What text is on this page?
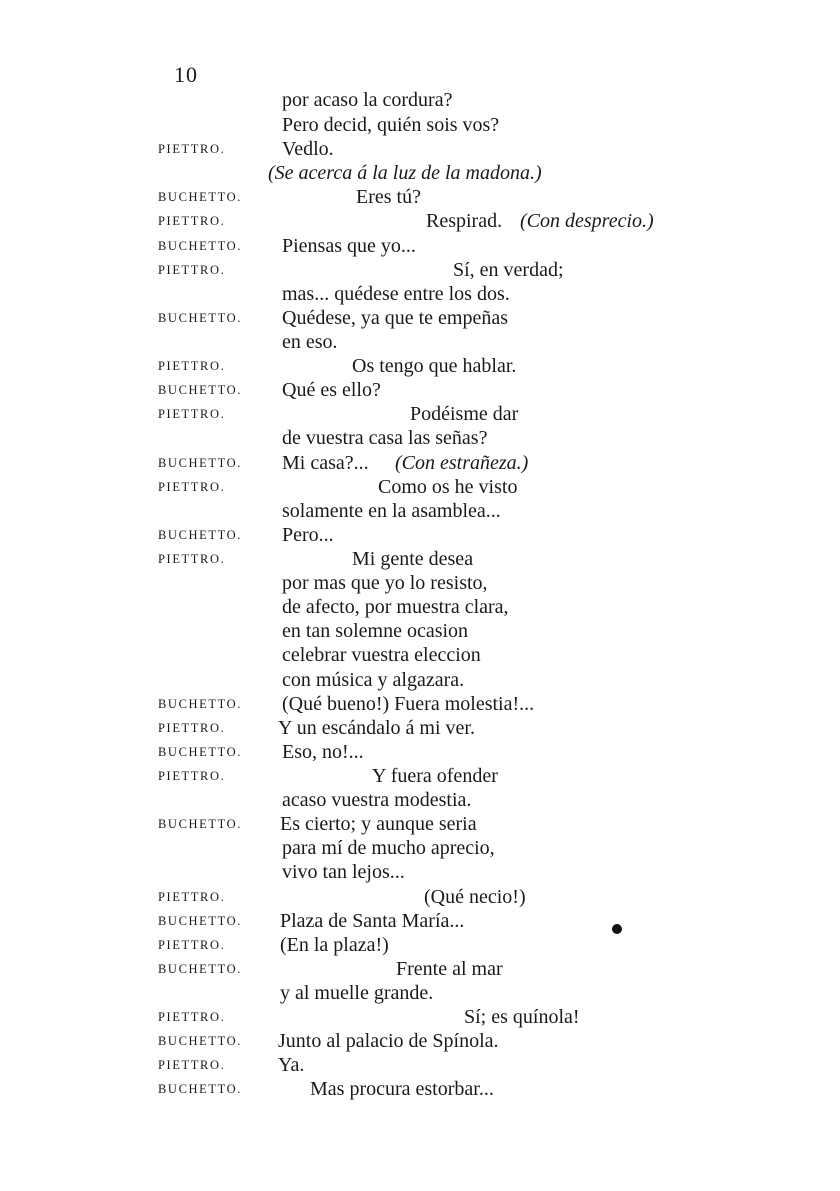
10
por acaso la cordura?
Pero decid, quién sois vos?
PIETTRO.	Vedlo.
(Se acerca á la luz de la madona.)
BUCHETTO.	Eres tú?
PIETTRO.	Respirad. (Con desprecio.)
BUCHETTO. Piensas que yo...
PIETTRO.	Sí, en verdad;
mas... quédese entre los dos.
BUCHETTO. Quédese, ya que te empeñas
en eso.
PIETTRO.	Os tengo que hablar.
BUCHETTO. Qué es ello?
PIETTRO.	Podéisme dar
de vuestra casa las señas?
BUCHETTO. Mi casa?... (Con estrañeza.)
PIETTRO.	Como os he visto
solamente en la asamblea...
BUCHETTO. Pero...
PIETTRO.	Mi gente desea
por mas que yo lo resisto,
de afecto, por muestra clara,
en tan solemne ocasion
celebrar vuestra eleccion
con música y algazara.
BUCHETTO. (Qué bueno!) Fuera molestia!...
PIETTRO.	Y un escándalo á mi ver.
BUCHETTO. Eso, no!...
PIETTRO.	Y fuera ofender
acaso vuestra modestia.
BUCHETTO. Es cierto; y aunque seria
para mí de mucho aprecio,
vivo tan lejos...
PIETTRO.	(Qué necio!)
BUCHETTO. Plaza de Santa María...
PIETTRO.	(En la plaza!)
BUCHETTO.	Frente al mar
y al muelle grande.
PIETTRO.	Sí; es quínola!
BUCHETTO. Junto al palacio de Spínola.
PIETTRO.	Ya.
BUCHETTO.	Mas procura estorbar...
